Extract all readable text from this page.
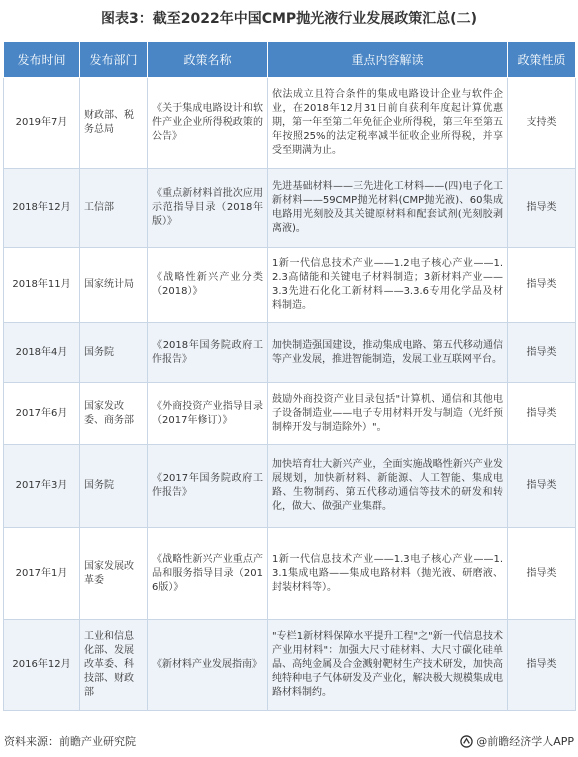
图表3：截至2022年中国CMP抛光液行业发展政策汇总(二)
发布时间	发布部门	政策名称	重点内容解读	政策性质
2019年7月	财政部、税务总局	《关于集成电路设计和软件产业企业所得税政策的公告》	依法成立且符合条件的集成电路设计企业与软件企业，在2018年12月31日前自获利年度起计算优惠期，第一年至第二年免征企业所得税，第三年至第五年按照25%的法定税率减半征收企业所得税，并享受至期满为止。	支持类
2018年12月	工信部	《重点新材料首批次应用示范指导目录（2018年版）》	先进基础材料——三先进化工材料——(四)电子化工新材料——59CMP抛光材料(CMP抛光液)、60集成电路用光刻胶及其关键原材料和配套试剂(光刻胶剥离液)。	指导类
2018年11月	国家统计局	《战略性新兴产业分类（2018）》	1新一代信息技术产业——1.2电子核心产业——1.2.3高储能和关键电子材料制造；3新材料产业——3.3先进石化化工新材料——3.3.6专用化学品及材料制造。	指导类
2018年4月	国务院	《2018年国务院政府工作报告》	加快制造强国建设，推动集成电路、第五代移动通信等产业发展，推进智能制造，发展工业互联网平台。	指导类
2017年6月	国家发改委、商务部	《外商投资产业指导目录（2017年修订）》	鼓励外商投资产业目录包括"计算机、通信和其他电子设备制造业——电子专用材料开发与制造（光纤预制棒开发与制造除外）"。	指导类
2017年3月	国务院	《2017年国务院政府工作报告》	加快培育壮大新兴产业，全面实施战略性新兴产业发展规划，加快新材料、新能源、人工智能、集成电路、生物制药、第五代移动通信等技术的研发和转化，做大、做强产业集群。	指导类
2017年1月	国家发展改革委	《战略性新兴产业重点产品和服务指导目录（2016版）》	1新一代信息技术产业——1.3电子核心产业——1.3.1集成电路——集成电路材料（抛光液、研磨液、封装材料等）。	指导类
2016年12月	工业和信息化部、发展改革委、科技部、财政部	《新材料产业发展指南》	"专栏1新材料保障水平提升工程"之"新一代信息技术产业用材料"：加强大尺寸硅材料、大尺寸碳化硅单晶、高纯金属及合金溅射靶材生产技术研发，加快高纯特种电子气体研发及产业化，解决极大规模集成电路材料制约。	指导类
资料来源：前瞻产业研究院	@前瞻经济学人APP
